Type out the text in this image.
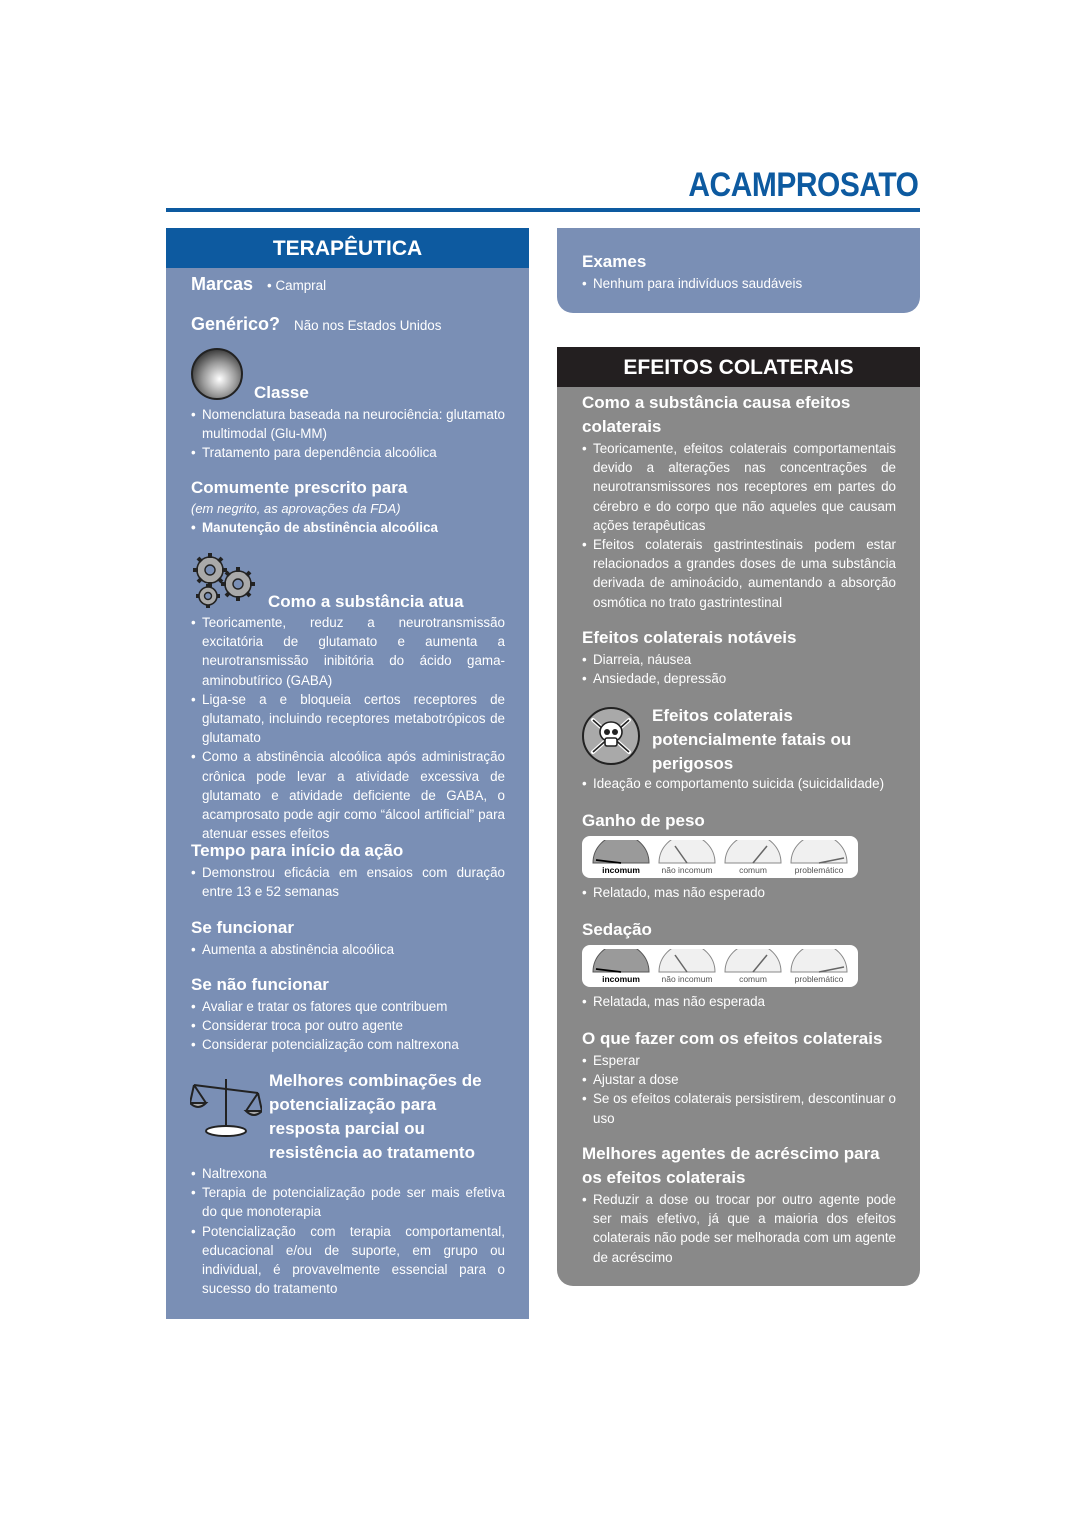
ACAMPROSATO
TERAPÊUTICA
Marcas • Campral
Genérico? Não nos Estados Unidos
Classe
• Nomenclatura baseada na neurociência: glutamato multimodal (Glu-MM)
• Tratamento para dependência alcoólica
Comumente prescrito para
(em negrito, as aprovações da FDA)
• Manutenção de abstinência alcoólica
Como a substância atua
• Teoricamente, reduz a neurotransmissão excitatória de glutamato e aumenta a neurotransmissão inibitória do ácido gama-aminobutírico (GABA)
• Liga-se a e bloqueia certos receptores de glutamato, incluindo receptores metabotrópicos de glutamato
• Como a abstinência alcoólica após administração crônica pode levar a atividade excessiva de glutamato e atividade deficiente de GABA, o acamprosato pode agir como “álcool artificial” para atenuar esses efeitos
Tempo para início da ação
• Demonstrou eficácia em ensaios com duração entre 13 e 52 semanas
Se funcionar
• Aumenta a abstinência alcoólica
Se não funcionar
• Avaliar e tratar os fatores que contribuem
• Considerar troca por outro agente
• Considerar potencialização com naltrexona
Melhores combinações de
potencialização para
resposta parcial ou
resistência ao tratamento
• Naltrexona
• Terapia de potencialização pode ser mais efetiva do que monoterapia
• Potencialização com terapia comportamental, educacional e/ou de suporte, em grupo ou individual, é provavelmente essencial para o sucesso do tratamento
Exames
• Nenhum para indivíduos saudáveis
EFEITOS COLATERAIS
Como a substância causa efeitos
colaterais
• Teoricamente, efeitos colaterais comportamentais devido a alterações nas concentrações de neurotransmissores nos receptores em partes do cérebro e do corpo que não aqueles que causam ações terapêuticas
• Efeitos colaterais gastrintestinais podem estar relacionados a grandes doses de uma substância derivada de aminoácido, aumentando a absorção osmótica no trato gastrintestinal
Efeitos colaterais notáveis
• Diarreia, náusea
• Ansiedade, depressão
Efeitos colaterais
potencialmente fatais ou
perigosos
• Ideação e comportamento suicida (suicidalidade)
Ganho de peso
incomum	não incomum	comum	problemático
• Relatado, mas não esperado
Sedação
incomum	não incomum	comum	problemático
• Relatada, mas não esperada
O que fazer com os efeitos colaterais
• Esperar
• Ajustar a dose
• Se os efeitos colaterais persistirem, descontinuar o uso
Melhores agentes de acréscimo para
os efeitos colaterais
• Reduzir a dose ou trocar por outro agente pode ser mais efetivo, já que a maioria dos efeitos colaterais não pode ser melhorada com um agente de acréscimo
